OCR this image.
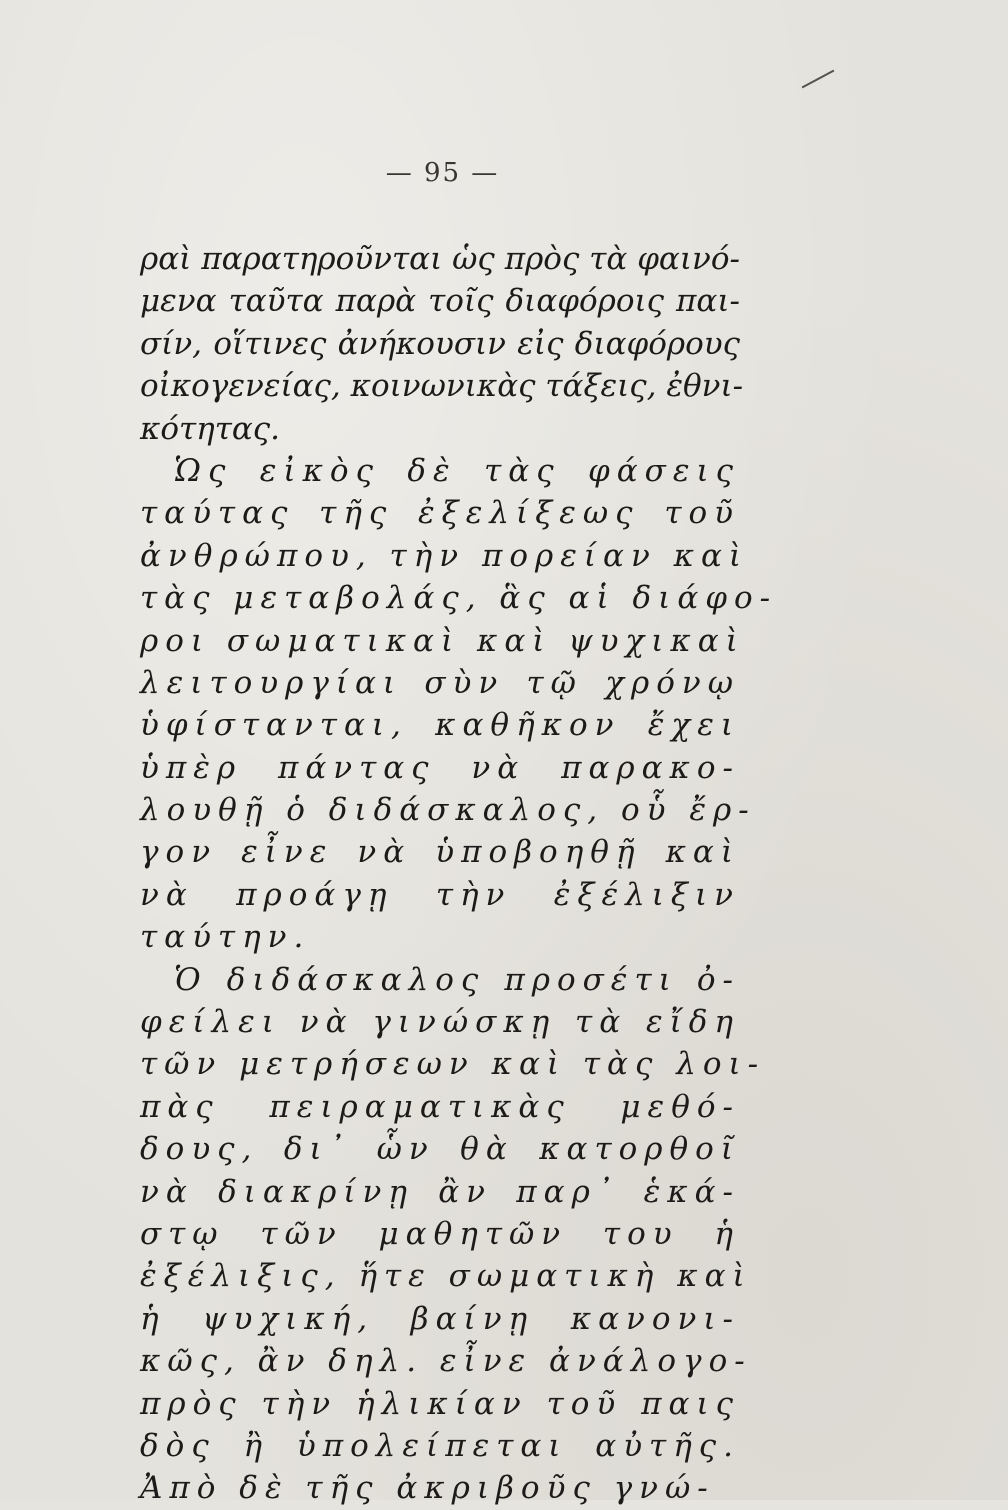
— 95 —
ραὶ παρατηροῦνται ὡς πρὸς τὰ φαινό-
μενα ταῦτα παρὰ τοῖς διαφόροις παι-
σίν, οἵτινες ἀνήκουσιν εἰς διαφόρους
οἰκογενείας, κοινωνικὰς τάξεις, ἐθνι-
κότητας.
Ὡς εἰκὸς δὲ τὰς φάσεις
ταύτας τῆς ἐξελίξεως τοῦ
ἀνθρώπου, τὴν πορείαν καὶ
τὰς μεταβολάς, ἃς αἱ διάφο-
ροι σωματικαὶ καὶ ψυχικαὶ
λειτουργίαι σὺν τῷ χρόνῳ
ὑφίστανται, καθῆκον ἔχει
ὑπὲρ πάντας νὰ παρακο-
λουθῇ ὁ διδάσκαλος, οὗ ἔρ-
γον εἶνε νὰ ὑποβοηθῇ καὶ
νὰ προάγῃ τὴν ἐξέλιξιν
ταύτην.
Ὁ διδάσκαλος προσέτι ὀ-
φείλει νὰ γινώσκῃ τὰ εἴδη
τῶν μετρήσεων καὶ τὰς λοι-
πὰς πειραματικὰς μεθό-
δους, δι᾿ ὧν θὰ κατορθοῖ
νὰ διακρίνῃ ἂν παρ᾿ ἑκά-
στῳ τῶν μαθητῶν του ἡ
ἐξέλιξις, ἥτε σωματικὴ καὶ
ἡ ψυχική, βαίνῃ κανονι-
κῶς, ἂν δηλ. εἶνε ἀνάλογο-
πρὸς τὴν ἡλικίαν τοῦ παις
δὸς ἢ ὑπολείπεται αὐτῆς.
Ἀπὸ δὲ τῆς ἀκριβοῦς γνώ-
